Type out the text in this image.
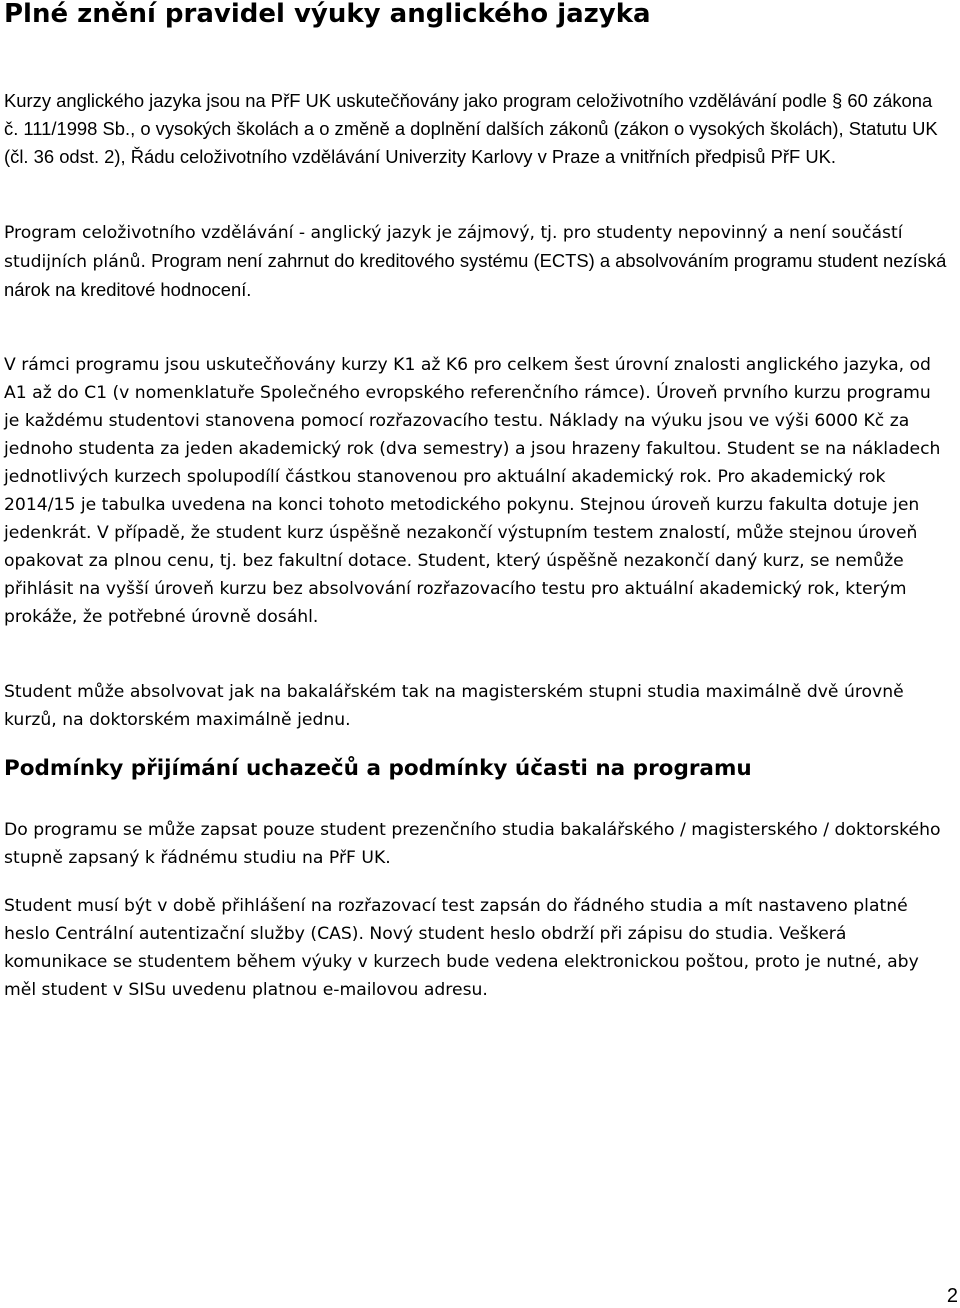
Plné znění pravidel výuky anglického jazyka

Kurzy anglického jazyka jsou na PřF UK uskutečňovány jako program celoživotního vzdělávání podle § 60 zákona č. 111/1998 Sb., o vysokých školách a o změně a doplnění dalších zákonů (zákon o vysokých školách), Statutu UK (čl. 36 odst. 2), Řádu celoživotního vzdělávání Univerzity Karlovy v Praze a vnitřních předpisů PřF UK.

Program celoživotního vzdělávání - anglický jazyk je zájmový, tj. pro studenty nepovinný a není součástí studijních plánů. Program není zahrnut do kreditového systému (ECTS) a absolvováním programu student nezíská nárok na kreditové hodnocení.

V rámci programu jsou uskutečňovány kurzy K1 až K6 pro celkem šest úrovní znalosti anglického jazyka, od A1 až do C1 (v nomenklatuře Společného evropského referenčního rámce). Úroveň prvního kurzu programu je každému studentovi stanovena pomocí rozřazovacího testu. Náklady na výuku jsou ve výši 6000 Kč za jednoho studenta za jeden akademický rok (dva semestry) a jsou hrazeny fakultou. Student se na nákladech jednotlivých kurzech spolupodílí částkou stanovenou pro aktuální akademický rok. Pro akademický rok 2014/15 je tabulka uvedena na konci tohoto metodického pokynu. Stejnou úroveň kurzu fakulta dotuje jen jedenkrát. V případě, že student kurz úspěšně nezakončí výstupním testem znalostí, může stejnou úroveň opakovat za plnou cenu, tj. bez fakultní dotace. Student, který úspěšně nezakončí daný kurz, se nemůže přihlásit na vyšší úroveň kurzu bez absolvování rozřazovacího testu pro aktuální akademický rok, kterým prokáže, že potřebné úrovně dosáhl.

Student může absolvovat jak na bakalářském tak na magisterském stupni studia maximálně dvě úrovně kurzů, na doktorském maximálně jednu.

Podmínky přijímání uchazečů a podmínky účasti na programu

Do programu se může zapsat pouze student prezenčního studia bakalářského / magisterského / doktorského stupně zapsaný k řádnému studiu na PřF UK.

Student musí být v době přihlášení na rozřazovací test zapsán do řádného studia a mít nastaveno platné heslo Centrální autentizační služby (CAS). Nový student heslo obdrží při zápisu do studia. Veškerá komunikace se studentem během výuky v kurzech bude vedena elektronickou poštou, proto je nutné, aby měl student v SISu uvedenu platnou e-mailovou adresu.

2
